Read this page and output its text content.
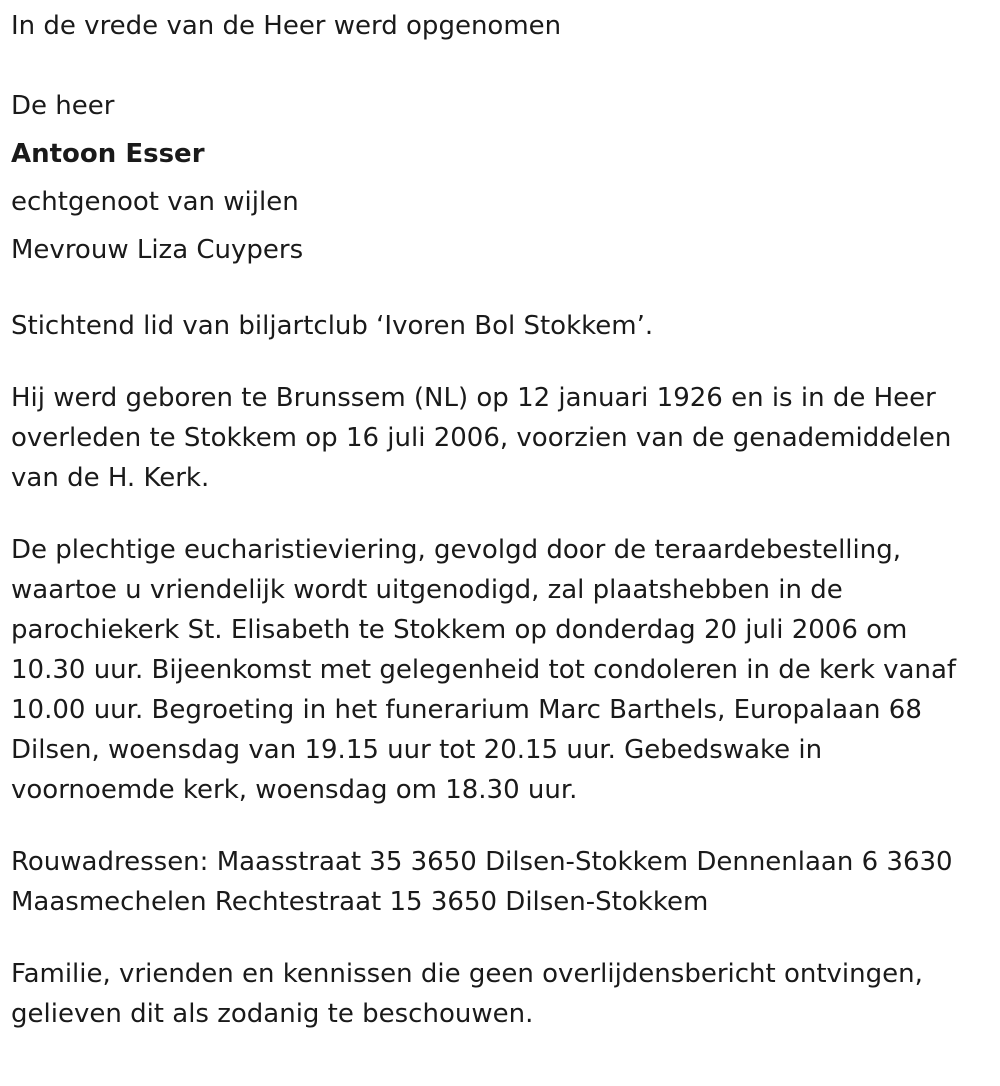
In de vrede van de Heer werd opgenomen

De heer

Antoon Esser

echtgenoot van wijlen

Mevrouw Liza Cuypers

Stichtend lid van biljartclub ‘Ivoren Bol Stokkem’.

Hij werd geboren te Brunssem (NL) op 12 januari 1926 en is in de Heer
overleden te Stokkem op 16 juli 2006, voorzien van de genademiddelen
van de H. Kerk.
De plechtige eucharistieviering, gevolgd door de teraardebestelling,
waartoe u vriendelijk wordt uitgenodigd, zal plaatshebben in de
parochiekerk St. Elisabeth te Stokkem op donderdag 20 juli 2006 om
10.30 uur. Bijeenkomst met gelegenheid tot condoleren in de kerk vanaf
10.00 uur. Begroeting in het funerarium Marc Barthels, Europalaan 68
Dilsen, woensdag van 19.15 uur tot 20.15 uur. Gebedswake in
voornoemde kerk, woensdag om 18.30 uur.
Rouwadressen: Maasstraat 35 3650 Dilsen-Stokkem Dennenlaan 6 3630
Maasmechelen Rechtestraat 15 3650 Dilsen-Stokkem
Familie, vrienden en kennissen die geen overlijdensbericht ontvingen,
gelieven dit als zodanig te beschouwen.
